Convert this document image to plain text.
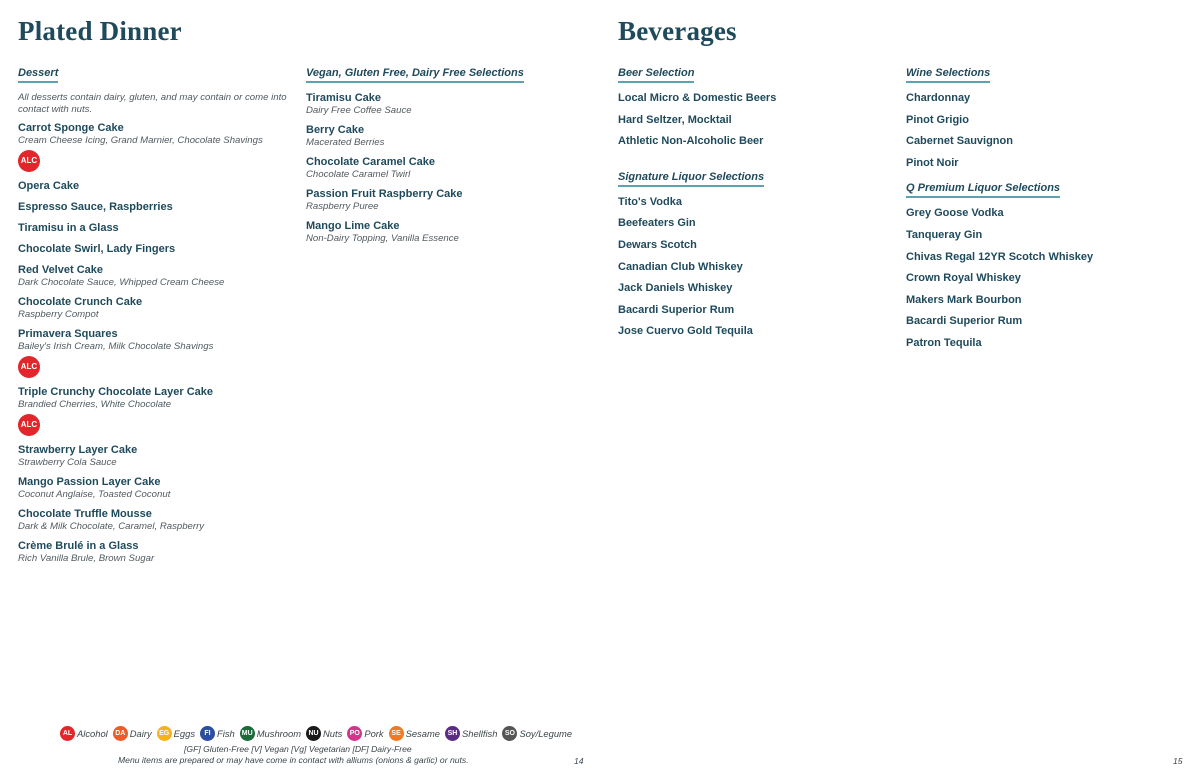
Plated Dinner
Dessert
All desserts contain dairy, gluten, and may contain or come into contact with nuts.
Carrot Sponge Cake
Cream Cheese Icing, Grand Marnier, Chocolate Shavings
ALC
Opera Cake
Espresso Sauce, Raspberries
Tiramisu in a Glass
Chocolate Swirl, Lady Fingers
Red Velvet Cake
Dark Chocolate Sauce, Whipped Cream Cheese
Chocolate Crunch Cake
Raspberry Compot
Primavera Squares
Bailey's Irish Cream, Milk Chocolate Shavings
ALC
Triple Crunchy Chocolate Layer Cake
Brandied Cherries, White Chocolate
ALC
Strawberry Layer Cake
Strawberry Cola Sauce
Mango Passion Layer Cake
Coconut Anglaise, Toasted Coconut
Chocolate Truffle Mousse
Dark & Milk Chocolate, Caramel, Raspberry
Crème Brulé in a Glass
Rich Vanilla Brule, Brown Sugar
Vegan, Gluten Free, Dairy Free Selections
Tiramisu Cake
Dairy Free Coffee Sauce
Berry Cake
Macerated Berries
Chocolate Caramel Cake
Chocolate Caramel Twirl
Passion Fruit Raspberry Cake
Raspberry Puree
Mango Lime Cake
Non-Dairy Topping, Vanilla Essence
AL Alcohol	DA Dairy	EG Eggs	FI Fish MU Mushroom	NU Nuts	PO Pork	SE Sesame	SH Shellfish	SO Soy/Legume
[GF] Gluten-Free [V] Vegan [Vg] Vegetarian [DF] Dairy-Free
Menu items are prepared or may have come in contact with alliums (onions & garlic) or nuts.	14
Beverages
Beer Selection
Local Micro & Domestic Beers
Hard Seltzer, Mocktail
Athletic Non-Alcoholic Beer
Signature Liquor Selections
Tito's Vodka
Beefeaters Gin
Dewars Scotch
Canadian Club Whiskey
Jack Daniels Whiskey
Bacardi Superior Rum
Jose Cuervo Gold Tequila
Wine Selections
Chardonnay
Pinot Grigio
Cabernet Sauvignon
Pinot Noir
Q Premium Liquor Selections
Grey Goose Vodka
Tanqueray Gin
Chivas Regal 12YR Scotch Whiskey
Crown Royal Whiskey
Makers Mark Bourbon
Bacardi Superior Rum
Patron Tequila
15
